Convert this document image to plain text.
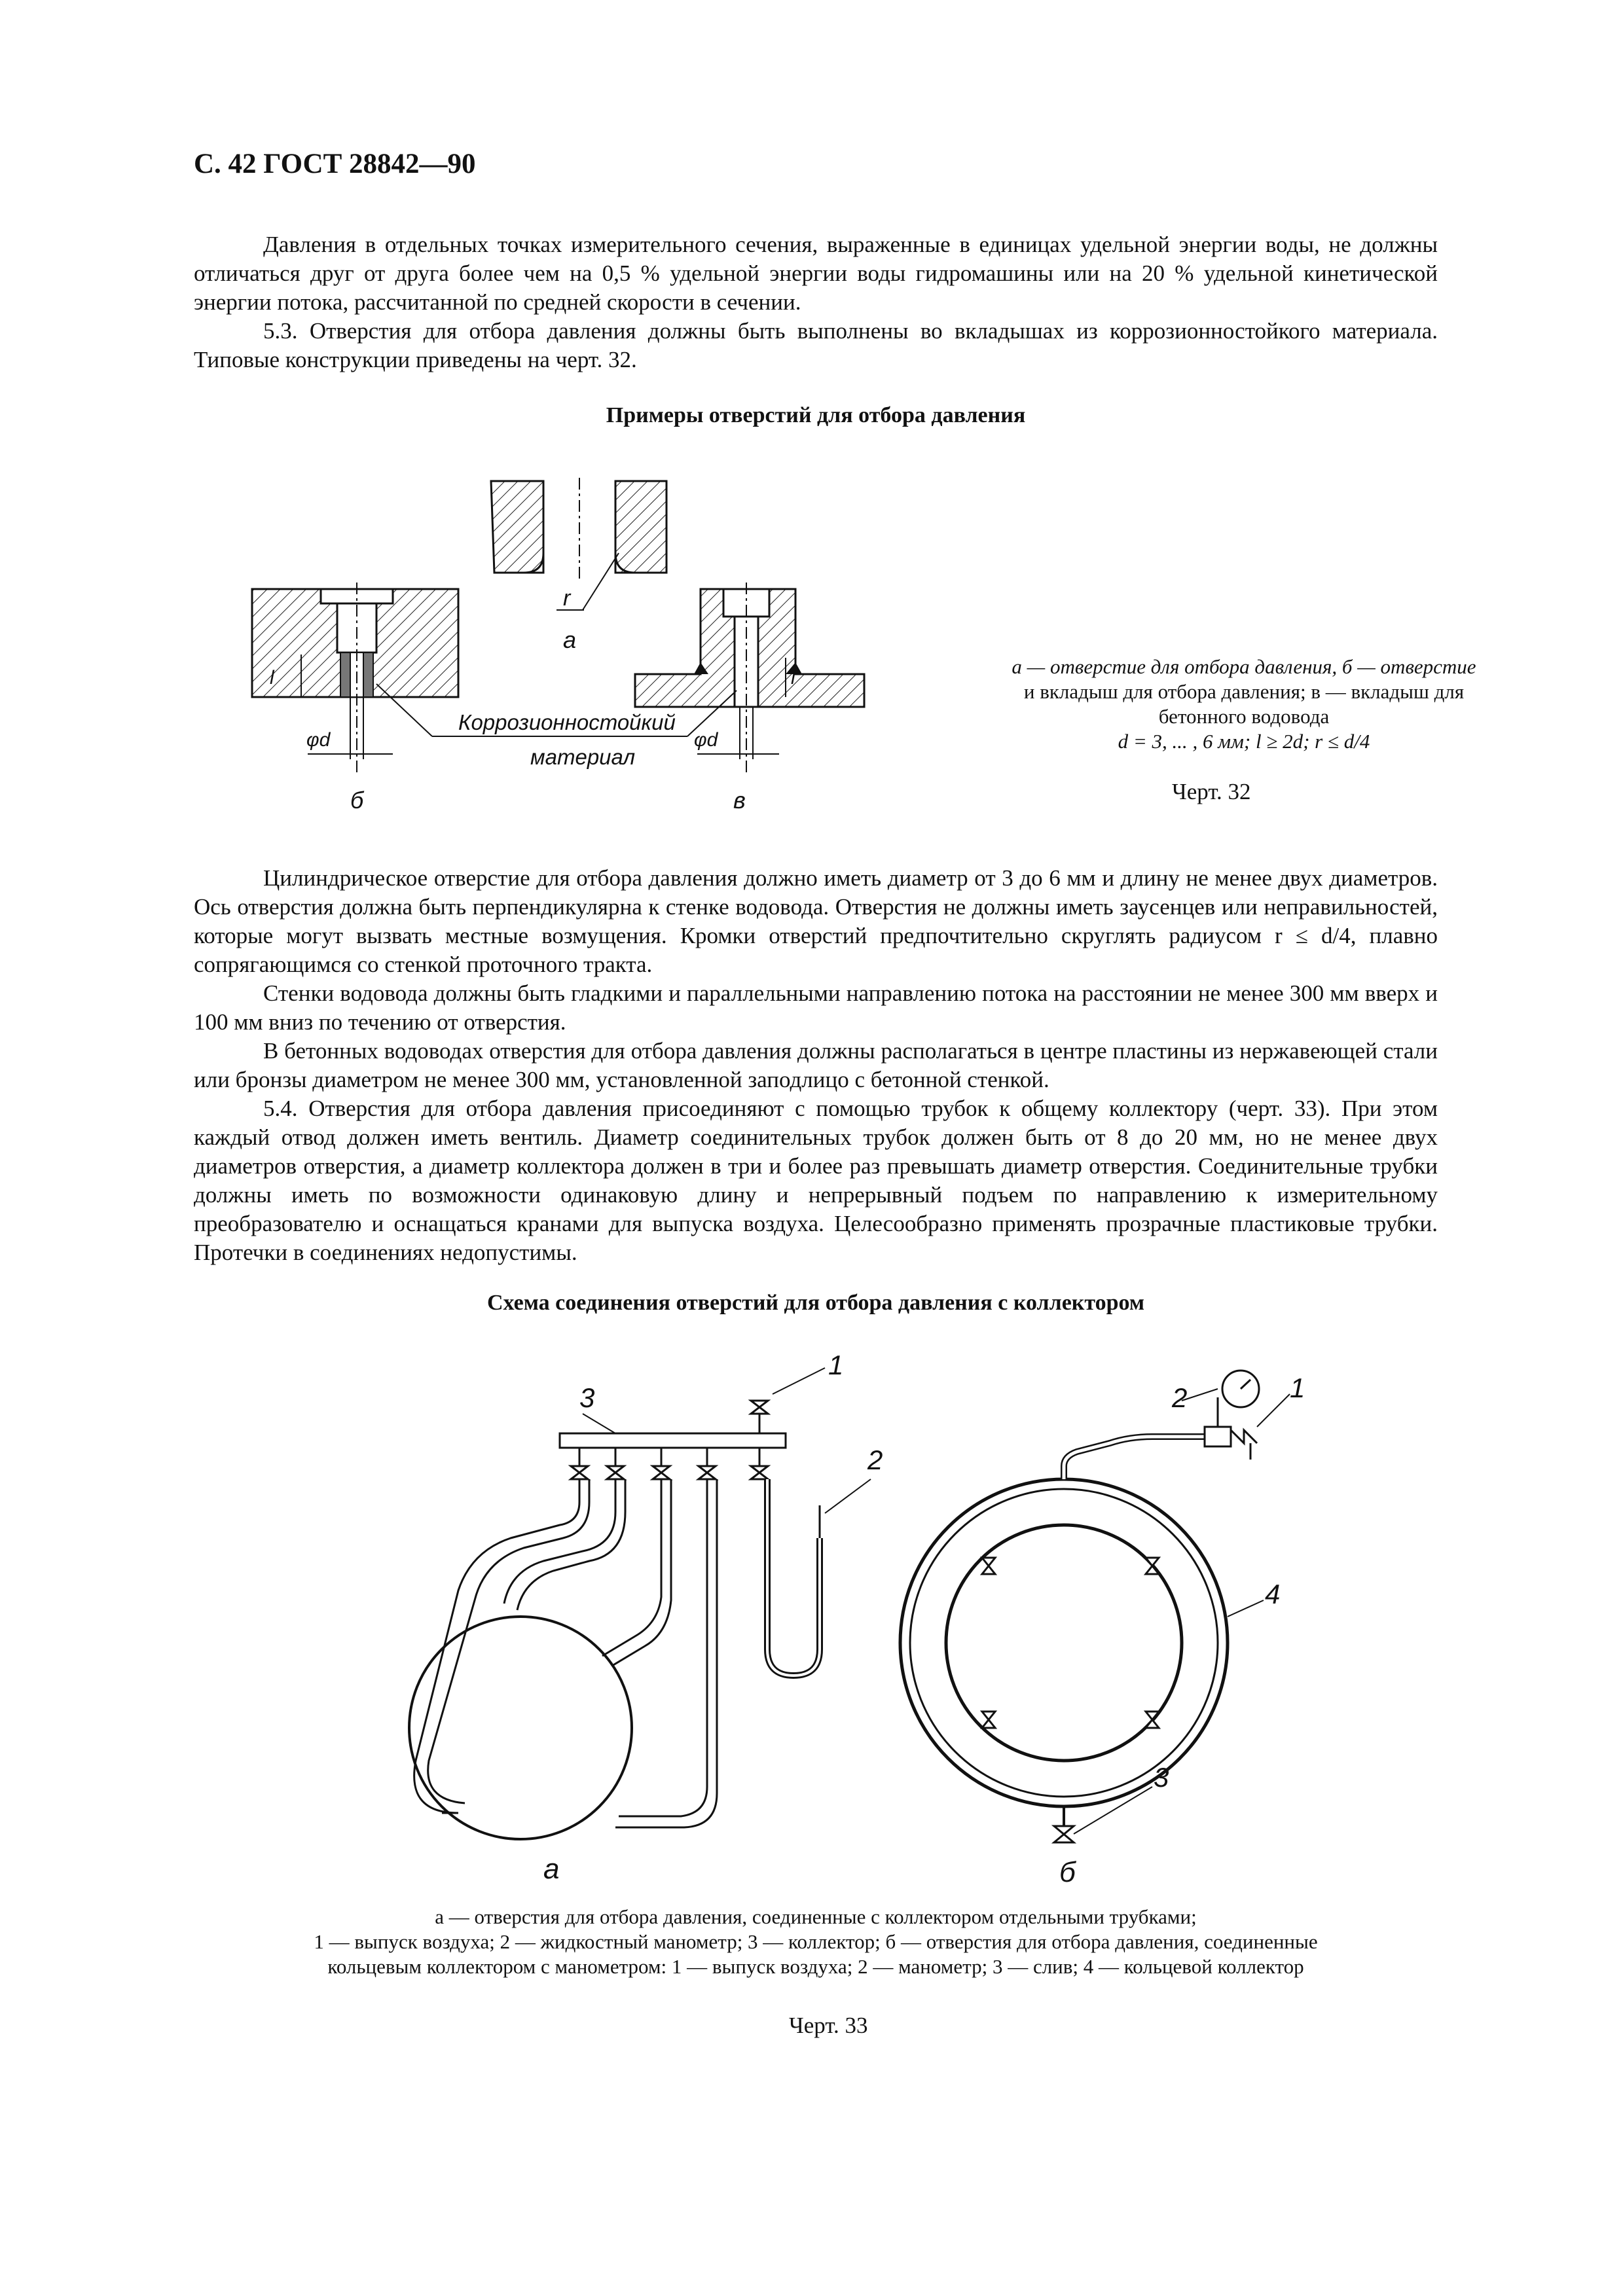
С. 42 ГОСТ 28842—90

Давления в отдельных точках измерительного сечения, выраженные в единицах удельной энергии воды, не должны отличаться друг от друга более чем на 0,5 % удельной энергии воды гидромашины или на 20 % удельной кинетической энергии потока, рассчитанной по средней скорости в сечении.

5.3. Отверстия для отбора давления должны быть выполнены во вкладышах из коррозионностойкого материала. Типовые конструкции приведены на черт. 32.

Примеры отверстий для отбора давления
r
а
l
φd
б
l
φd
в
Коррозионностойкий
материал
а — отверстие для отбора давления, б — отверстие
и вкладыш для отбора давления; в — вкладыш для
бетонного водовода
d = 3, ... , 6 мм; l ≥ 2d; r ≤ d/4
Черт. 32

Цилиндрическое отверстие для отбора давления должно иметь диаметр от 3 до 6 мм и длину не менее двух диаметров. Ось отверстия должна быть перпендикулярна к стенке водовода. Отверстия не должны иметь заусенцев или неправильностей, которые могут вызвать местные возмущения. Кромки отверстий предпочтительно скруглять радиусом r ≤ d/4, плавно сопрягающимся со стенкой проточного тракта.

Стенки водовода должны быть гладкими и параллельными направлению потока на расстоянии не менее 300 мм вверх и 100 мм вниз по течению от отверстия.

В бетонных водоводах отверстия для отбора давления должны располагаться в центре пластины из нержавеющей стали или бронзы диаметром не менее 300 мм, установленной заподлицо с бетонной стенкой.

5.4. Отверстия для отбора давления присоединяют с помощью трубок к общему коллектору (черт. 33). При этом каждый отвод должен иметь вентиль. Диаметр соединительных трубок должен быть от 8 до 20 мм, но не менее двух диаметров отверстия, а диаметр коллектора должен в три и более раз превышать диаметр отверстия. Соединительные трубки должны иметь по возможности одинаковую длину и непрерывный подъем по направлению к измерительному преобразователю и оснащаться кранами для выпуска воздуха. Целесообразно применять прозрачные пластиковые трубки. Протечки в соединениях недопустимы.

Схема соединения отверстий для отбора давления с коллектором
3
1
2
а
2	1
4
3
б
а — отверстия для отбора давления, соединенные с коллектором отдельными трубками;
1 — выпуск воздуха; 2 — жидкостный манометр; 3 — коллектор; б — отверстия для отбора давления, соединенные
кольцевым коллектором с манометром: 1 — выпуск воздуха; 2 — манометр; 3 — слив; 4 — кольцевой коллектор
Черт. 33
